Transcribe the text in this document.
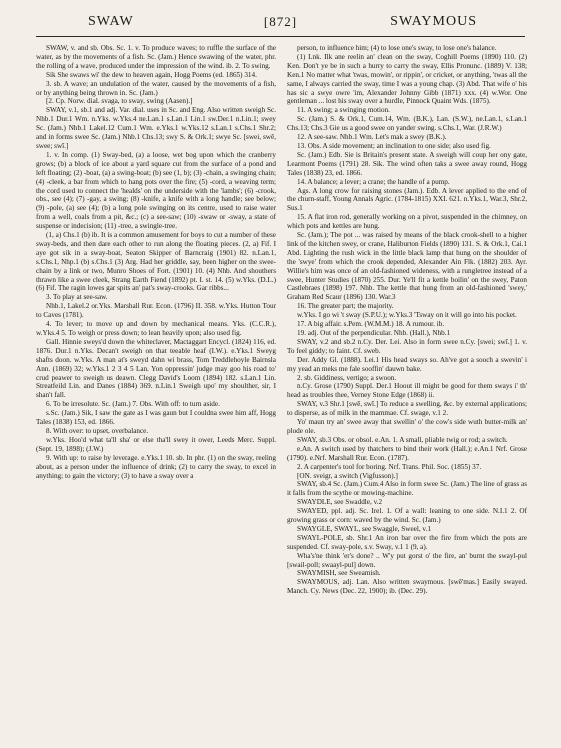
SWAW	[872]	SWAYMOUS

SWAW, v. and sb. Obs. Sc. 1. v. To produce waves; to ruffle the surface of the water, as by the movements of a fish. Sc. (Jam.) Hence swawing of the water, phr. the rolling of a wave, produced under the impression of the wind. ib. 2. To swing.

Sik She swaws wi' the dew to heaven again, Hogg Poems (ed. 1865) 314.

3. sb. A wave; an undulation of the water, caused by the movements of a fish, or by anything being thrown in. Sc. (Jam.)

[2. Cp. Norw. dial. svaga, to sway, swing (Aasen).]

SWAY, v.1, sb.1 and adj. Var. dial. uses in Sc. and Eng. Also written sweigh Sc. Nhb.1 Dur.1 Wm. n.Yks. w.Yks.4 ne.Lan.1 s.Lan.1 Lin.1 sw.Der.1 n.Lin.1; swey Sc. (Jam.) Nhb.1 Lakel.12 Cum.1 Wm. e.Yks.1 w.Yks.12 s.Lan.1 s.Chs.1 Shr.2; and in forms swee Sc. (Jam.) Nhb.1 Chs.13; swy S. & Ork.1; swye Sc. [swei, swē, swee; swī.]

1. v. In comp. (1) Sway-bed, (a) a loose, wet bog upon which the cranberry grows; (b) a block of ice about a yard square cut from the surface of a pond and left floating; (2) -boat, (a) a swing-boat; (b) see (1, b); (3) -chain, a swinging chain; (4) -cleek, a bar from which to hang pots over the fire; (5) -cord, a weaving term; the cord used to connect the 'healds' on the underside with the 'lambs'; (6) -crook, obs., see (4); (7) -gay, a swing; (8) -knife, a knife with a long handle; see below; (9) -pole, (a) see (4); (b) a long pole swinging on its centre, used to raise water from a well, coals from a pit, &c.; (c) a see-saw; (10) -swaw or -sway, a state of suspense or indecision; (11) -tree, a swingle-tree.

(1, a) Chs.1 (b) ib. It is a common amusement for boys to cut a number of these sway-beds, and then dare each other to run along the floating pieces. (2, a) Fif. I aye got sik in a sway-boat, Seaton Skipper of Barncraig (1901) 82. n.Lan.1, s.Chs.1, Nhp.1 (b) s.Chs.1 (3) Arg. Had her griddle, say, been higher on the swee-chain by a link or two, Munro Shoes of Fort. (1901) 10. (4) Nhb. And shouthers thrawn like a swee cleek, Strang Earth Fiend (1892) pt. I. st. 14. (5) w.Yks. (D.L.) (6) Fif. The ragin lowes gar spits an' pat's sway-crooks. Gar ribbs...

3. To play at see-saw.

Nhb.1, Lakel.2 or.Yks. Marshall Rur. Econ. (1796) II. 358. w.Yks. Hutton Tour to Caves (1781).

4. To lever; to move up and down by mechanical means. Yks. (C.C.R.), w.Yks.4 5. To weigh or press down; to lean heavily upon; also used fig.

Gall. Hinnie sweys'd down the whiteclaver, Mactaggart Encycl. (1824) 116, ed. 1876. Dur.1 n.Yks. Decan't sweigh on that teeable heaf (I.W.). e.Yks.1 Sweyg shafts doon. w.Yks. A man at's sweyd dahn wi brass, Tom Treddlehoyle Bairnsla Ann. (1869) 32; w.Yks.1 2 3 4 5 Lan. Yon oppressin' judge may goo his road to' crud peawer to sweigh us deawn. Clegg David's Loom (1894) 182. s.Lan.1 Lin. Streatfeild Lin. and Danes (1884) 369. n.Lin.1 Sweigh upo' my shoulther, sir, I shan't fall.

6. To be irresolute. Sc. (Jam.) 7. Obs. With off: to turn aside.

s.Sc. (Jam.) Sik, I saw the gate as I was gaun but I couldna swee him aff, Hogg Tales (1838) 153, ed. 1866.

8. With over: to upset, overbalance.

w.Yks. Hoo'd what ta'll sha' or else tha'll swey it ower, Leeds Merc. Suppl. (Sept. 19, 1898); (J.W.)

9. With up: to raise by leverage. e.Yks.1 10. sb. In phr. (1) on the sway, reeling about, as a person under the influence of drink; (2) to carry the sway, to excel in anything; to gain the victory; (3) to have a sway over a

person, to influence him; (4) to lose one's sway, to lose one's balance.

(1) Lnk. Ilk ane reelin an' clean on the sway, Coghill Poems (1890) 110. (2) Ken. Don't ye be in such a hurry to carry the sway, Ellis Pronunc. (1889) V. 138; Ken.1 No matter what 'twas, mowin', or rippin', or cricket, or anything, 'twas all the same, I always carried the sway, time I was a young chap. (3) Abd. That wife o' his has sic a swye owre 'im, Alexander Johnny Gibb (1871) xxx. (4) w.Wor. One gentleman ... lost his sway over a hurdle, Pinnock Quaint Wds. (1875).

11. A swing; a swinging motion.

Sc. (Jam.) S. & Ork.1, Cum.14, Wm. (B.K.), Lan. (S.W.), ne.Lan.1, s.Lan.1 Chs.13; Chs.3 Gie us a good swee on yander swing. s.Chs.1, War. (J.R.W.)

12. A see-saw. Nhb.1 Wm. Let's mak a swey (B.K.).

13. Obs. A side movement; an inclination to one side; also used fig.

Sc. (Jam.) Edb. Sie is Britain's present state. A sweigh will coup her ony gate, Learmont Poems (1791) 28. Sik. The wind often taks a swee away round, Hogg Tales (1838) 23, ed. 1866.

14. A balance; a lever; a crane; the handle of a pump.

Ags. A long crow for raising stones (Jam.). Edb. A lever applied to the end of the churn-staff, Young Annals Agric. (1784-1815) XXI. 621. n.Yks.1, War.3, Shr.2, Sus.1

15. A flat iron rod, generally working on a pivot, suspended in the chimney, on which pots and kettles are hung.

Sc. (Jam.); The pot ... was raised by means of the black crook-shell to a higher link of the kitchen swey, or crane, Haliburton Fields (1890) 131. S. & Ork.1, Cai.1 Abd. Lighting the rush wick in the little black lamp that hung on the shoulder of the 'swye' from which the crook depended, Alexander Ain Flk. (1882) 203. Ayr. Willie's him was once of an old-fashioned wideness, with a rungletree instead of a swee, Hunter Studies (1870) 255. Dur. Ye'll fit a kettle boilin' on the swey, Paton Castlebraes (1898) 197. Nhb. The kettle that hung from an old-fashioned 'swey,' Graham Red Scaur (1896) 130. War.3

16. The greater part; the majority.

w.Yks. I go wi 't sway (S.P.U.); w.Yks.3 'Tsway on it will go into his pocket.

17. A big affair. s.Pem. (W.M.M.) 18. A rumour. ib.

19. adj. Out of the perpendicular. Nhb. (Hall.), Nhb.1

SWAY, v.2 and sb.2 n.Cy. Der. Lei. Also in form swee n.Cy. [swei; swī.] 1. v. To feel giddy; to faint. Cf. sweb.

Der. Addy Gl. (1888). Lei.1 His head sways so. Ah've got a sooch a swevin' i my yead an meks me fale sooffin' dauwn bake.

2. sb. Giddiness, vertigo; a swoon.

n.Cy. Grose (1790) Suppl. Der.1 Hoout ill might be good for them sways i' th' head as troubles thee, Verney Stone Edge (1868) ii.

SWAY, v.3 Shr.1 [swē, swī.] To reduce a swelling, &c. by external applications; to disperse, as of milk in the mammae. Cf. swage, v.1 2.

Yo' maun try an' swee away that swellin' o' the cow's side wuth butter-milk an' plode ole.

SWAY, sb.3 Obs. or obsol. e.An. 1. A small, pliable twig or rod; a switch.

e.An. A switch used by thatchers to bind their work (Hall.); e.An.1 Nrf. Grose (1790). e.Nrf. Marshall Rur. Econ. (1787).

2. A carpenter's tool for boring. Nrf. Trans. Phil. Soc. (1855) 37.

[ON. sveigr, a switch (Vigfusson).]

SWAY, sb.4 Sc. (Jam.) Cum.4 Also in form swee Sc. (Jam.) The line of grass as it falls from the scythe or mowing-machine.

SWAYDLE, see Swaddle, v.2

SWAYED, ppl. adj. Sc. Irel. 1. Of a wall: leaning to one side. N.I.1 2. Of growing grass or corn: waved by the wind. Sc. (Jam.)

SWAYGLE, SWAYL, see Swaggle, Sweel, v.1

SWAYL-POLE, sb. Shr.1 An iron bar over the fire from which the pots are suspended. Cf. sway-pole, s.v. Sway, v.1 1 (9, a).

Wha's'ne think 'er's done? .. W'y put gorst o' the fire, an' burnt the swayl-pul [swail-poll; swaayl-pul] down.

SWAYMISH, see Sweamish.

SWAYMOUS, adj. Lan. Also written swaymous. [swē'mas.] Easily swayed. Manch. Cy. News (Dec. 22, 1900); ib. (Dec. 29).
